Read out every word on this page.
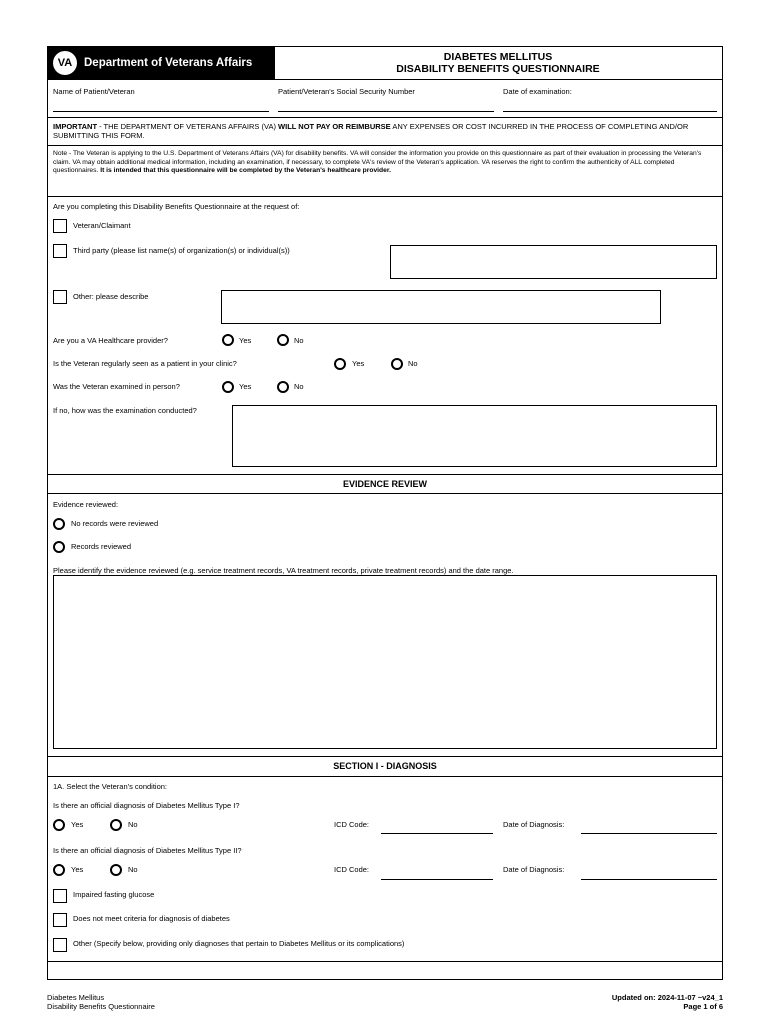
VA	Department of Veterans Affairs	DIABETES MELLITUS
DISABILITY BENEFITS QUESTIONNAIRE
Name of Patient/Veteran	Patient/Veteran's Social Security Number	Date of examination:
IMPORTANT - THE DEPARTMENT OF VETERANS AFFAIRS (VA) WILL NOT PAY OR REIMBURSE ANY EXPENSES OR COST INCURRED IN THE PROCESS OF COMPLETING AND/OR SUBMITTING THIS FORM.
Note - The Veteran is applying to the U.S. Department of Veterans Affairs (VA) for disability benefits. VA will consider the information you provide on this questionnaire as part of their evaluation in processing the Veteran's claim. VA may obtain additional medical information, including an examination, if necessary, to complete VA's review of the Veteran's application. VA reserves the right to confirm the authenticity of ALL completed questionnaires. It is intended that this questionnaire will be completed by the Veteran's healthcare provider.
Are you completing this Disability Benefits Questionnaire at the request of:
Veteran/Claimant
Third party (please list name(s) of organization(s) or individual(s))
Other: please describe
Are you a VA Healthcare provider?	Yes	No
Is the Veteran regularly seen as a patient in your clinic?	Yes	No
Was the Veteran examined in person?	Yes	No
If no, how was the examination conducted?
EVIDENCE REVIEW
Evidence reviewed:
No records were reviewed
Records reviewed
Please identify the evidence reviewed (e.g. service treatment records, VA treatment records, private treatment records) and the date range.
SECTION I - DIAGNOSIS
1A. Select the Veteran's condition:
Is there an official diagnosis of Diabetes Mellitus Type I?
Yes	No	ICD Code:	Date of Diagnosis:
Is there an official diagnosis of Diabetes Mellitus Type II?
Yes	No	ICD Code:	Date of Diagnosis:
Impaired fasting glucose
Does not meet criteria for diagnosis of diabetes
Other (Specify below, providing only diagnoses that pertain to Diabetes Mellitus or its complications)
Diabetes Mellitus
Disability Benefits Questionnaire
Updated on: 2024-11-07 ~v24_1
Page 1 of 6
